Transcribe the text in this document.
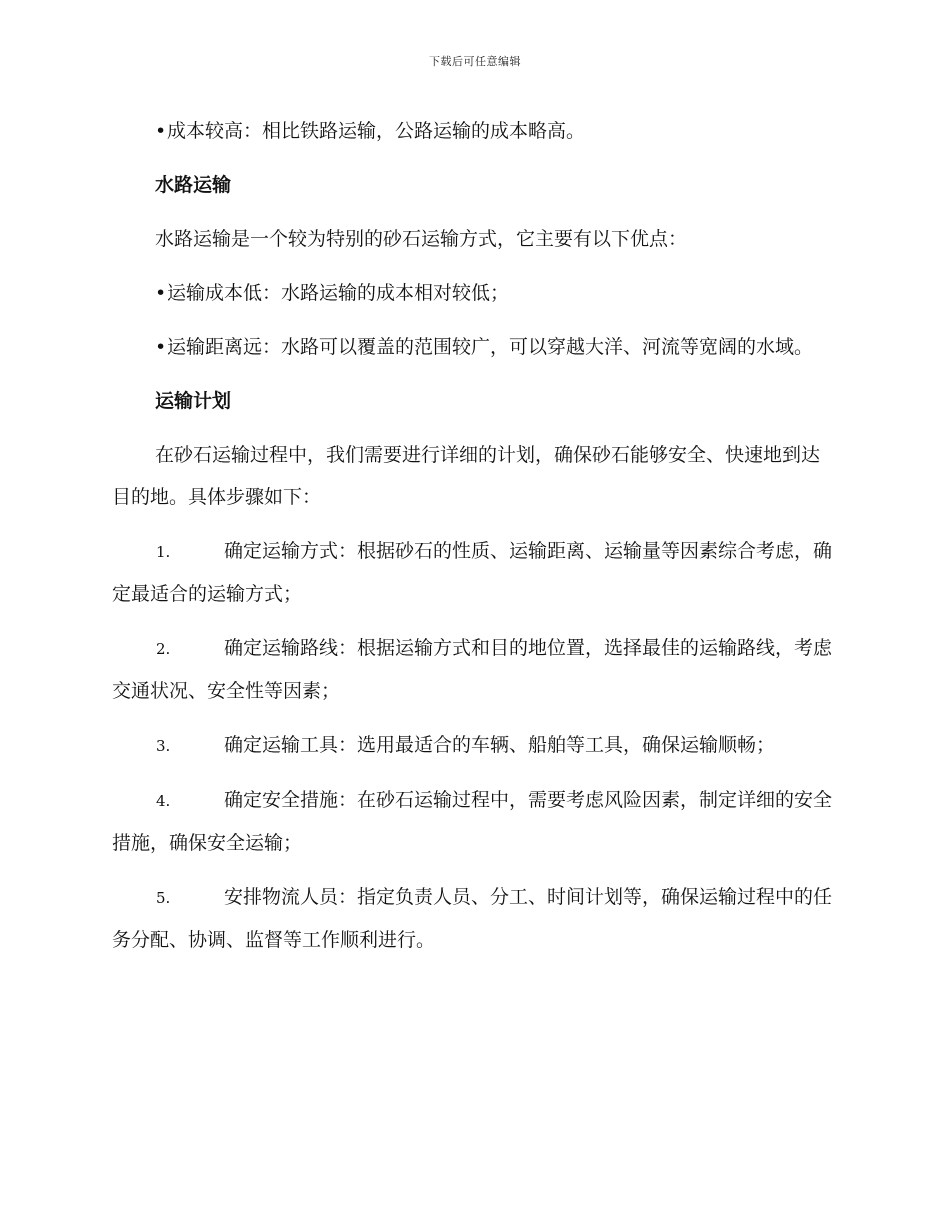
下载后可任意编辑

•成本较高：相比铁路运输，公路运输的成本略高。

水路运输

水路运输是一个较为特别的砂石运输方式，它主要有以下优点：

•运输成本低：水路运输的成本相对较低；

•运输距离远：水路可以覆盖的范围较广，可以穿越大洋、河流等宽阔的水域。

运输计划

在砂石运输过程中，我们需要进行详细的计划，确保砂石能够安全、快速地到达目的地。具体步骤如下：

1.	确定运输方式：根据砂石的性质、运输距离、运输量等因素综合考虑，确定最适合的运输方式；

2.	确定运输路线：根据运输方式和目的地位置，选择最佳的运输路线，考虑交通状况、安全性等因素；

3.	确定运输工具：选用最适合的车辆、船舶等工具，确保运输顺畅；

4.	确定安全措施：在砂石运输过程中，需要考虑风险因素，制定详细的安全措施，确保安全运输；

5.	安排物流人员：指定负责人员、分工、时间计划等，确保运输过程中的任务分配、协调、监督等工作顺利进行。
